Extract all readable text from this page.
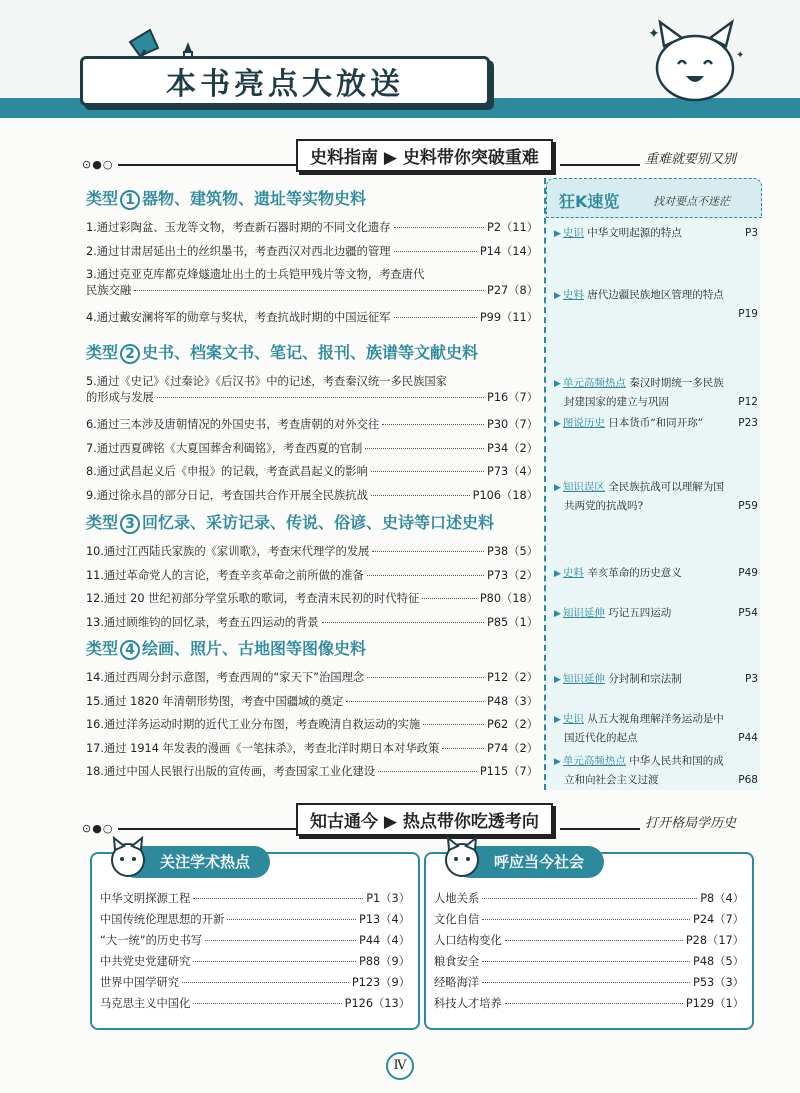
本书亮点大放送
✦
✦
⊙●○	史料指南 ▶ 史料带你突破重难	重难就要别又别
类型 1 器物、建筑物、遗址等实物史料
1.通过彩陶盆、玉龙等文物，考查新石器时期的不同文化遗存	P2（11）
2.通过甘肃居延出土的丝织墨书，考查西汉对西北边疆的管理	P14（14）
3.通过克亚克库都克烽燧遗址出土的士兵铠甲残片等文物，考查唐代
民族交融	P27（8）
4.通过戴安澜将军的勋章与奖状，考查抗战时期的中国远征军	P99（11）
类型 2 史书、档案文书、笔记、报刊、族谱等文献史料
5.通过《史记》《过秦论》《后汉书》中的记述，考查秦汉统一多民族国家
的形成与发展	P16（7）
6.通过三本涉及唐朝情况的外国史书，考查唐朝的对外交往	P30（7）
7.通过西夏碑铭《大夏国葬舍利碣铭》，考查西夏的官制	P34（2）
8.通过武昌起义后《申报》的记载，考查武昌起义的影响	P73（4）
9.通过徐永昌的部分日记，考查国共合作开展全民族抗战	P106（18）
类型 3 回忆录、采访记录、传说、俗谚、史诗等口述史料
10.通过江西陆氏家族的《家训歌》，考查宋代理学的发展	P38（5）
11.通过革命党人的言论，考查辛亥革命之前所做的准备	P73（2）
12.通过 20 世纪初部分学堂乐歌的歌词，考查清末民初的时代特征	P80（18）
13.通过顾维钧的回忆录，考查五四运动的背景	P85（1）
类型 4 绘画、照片、古地图等图像史料
14.通过西周分封示意图，考查西周的“家天下”治国理念	P12（2）
15.通过 1820 年清朝形势图，考查中国疆域的奠定	P48（3）
16.通过洋务运动时期的近代工业分布图，考查晚清自救运动的实施	P62（2）
17.通过 1914 年发表的漫画《一笔抹杀》，考查北洋时期日本对华政策	P74（2）
18.通过中国人民银行出版的宣传画，考查国家工业化建设	P115（7）
狂K速览	找对要点不迷茫
▶ 史识 中华文明起源的特点	P3
▶ 史料 唐代边疆民族地区管理的特点
P19
▶ 单元高频热点 秦汉时期统一多民族
封建国家的建立与巩固	P12
▶ 图说历史 日本货币“和同开珎”	P23
▶ 知识误区 全民族抗战可以理解为国
共两党的抗战吗?	P59
▶ 史料 辛亥革命的历史意义	P49
▶ 知识延伸 巧记五四运动	P54
▶ 知识延伸 分封制和宗法制	P3
▶ 史识 从五大视角理解洋务运动是中
国近代化的起点	P44
▶ 单元高频热点 中华人民共和国的成
立和向社会主义过渡	P68
⊙●○	知古通今 ▶ 热点带你吃透考向	打开格局学历史
关注学术热点
中华文明探源工程	P1（3）
中国传统伦理思想的开新	P13（4）
“大一统”的历史书写	P44（4）
中共党史党建研究	P88（9）
世界中国学研究	P123（9）
马克思主义中国化	P126（13）
呼应当今社会
人地关系	P8（4）
文化自信	P24（7）
人口结构变化	P28（17）
粮食安全	P48（5）
经略海洋	P53（3）
科技人才培养	P129（1）
Ⅳ
